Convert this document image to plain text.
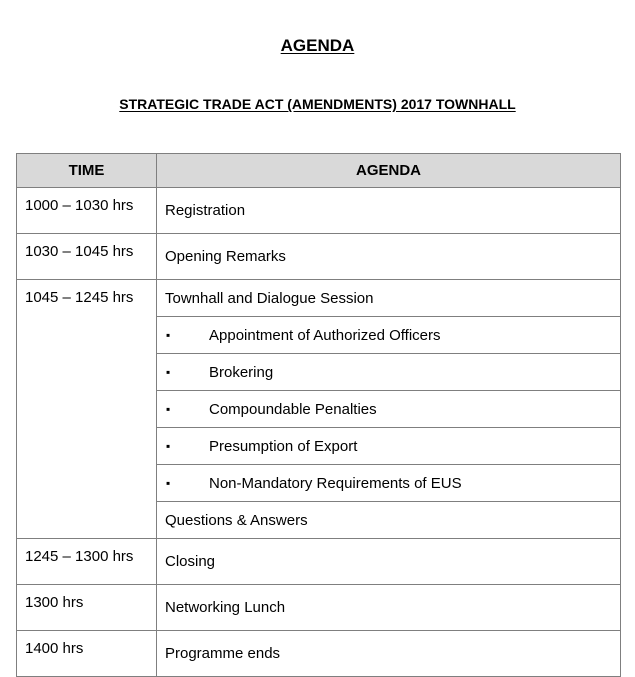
AGENDA
STRATEGIC TRADE ACT (AMENDMENTS) 2017 TOWNHALL
TIME	AGENDA
1000 – 1030 hrs	Registration
1030 – 1045 hrs	Opening Remarks
1045 – 1245 hrs	Townhall and Dialogue Session
	▪ Appointment of Authorized Officers
	▪ Brokering
	▪ Compoundable Penalties
	▪ Presumption of Export
	▪ Non-Mandatory Requirements of EUS
	Questions & Answers
1245 – 1300 hrs	Closing
1300 hrs	Networking Lunch
1400 hrs	Programme ends
